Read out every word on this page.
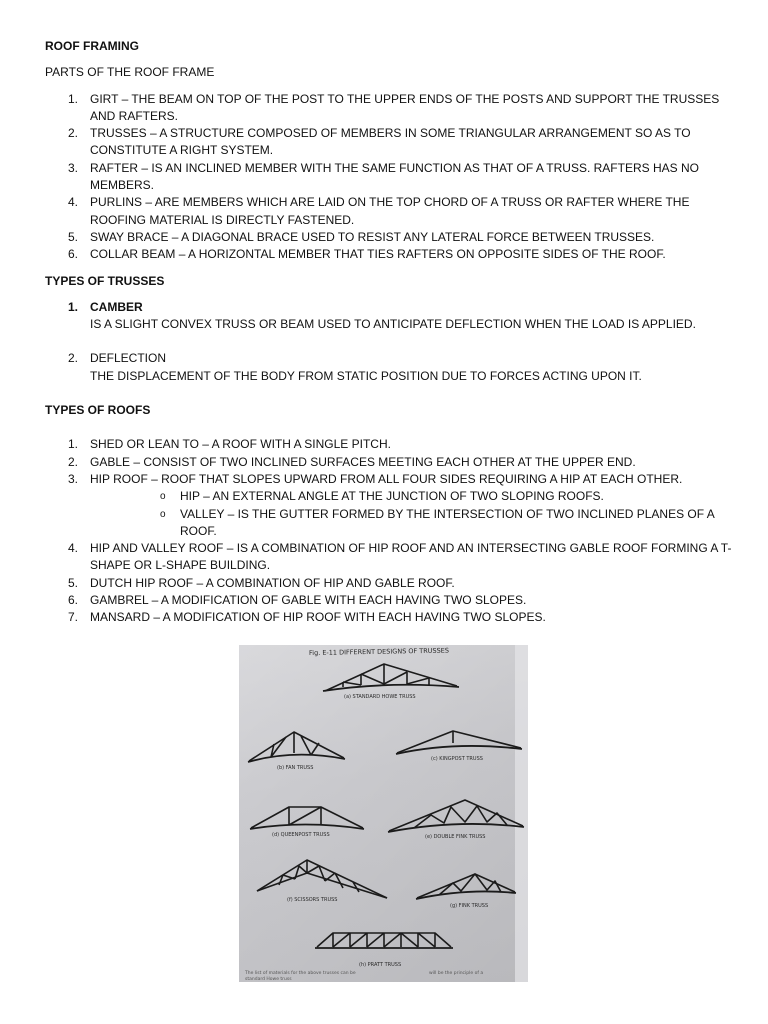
ROOF FRAMING
PARTS OF THE ROOF FRAME
1. GIRT – THE BEAM ON TOP OF THE POST TO THE UPPER ENDS OF THE POSTS AND SUPPORT THE TRUSSES AND RAFTERS.
2. TRUSSES – A STRUCTURE COMPOSED OF MEMBERS IN SOME TRIANGULAR ARRANGEMENT SO AS TO CONSTITUTE A RIGHT SYSTEM.
3. RAFTER – IS AN INCLINED MEMBER WITH THE SAME FUNCTION AS THAT OF A TRUSS. RAFTERS HAS NO MEMBERS.
4. PURLINS – ARE MEMBERS WHICH ARE LAID ON THE TOP CHORD OF A TRUSS OR RAFTER WHERE THE ROOFING MATERIAL IS DIRECTLY FASTENED.
5. SWAY BRACE – A DIAGONAL BRACE USED TO RESIST ANY LATERAL FORCE BETWEEN TRUSSES.
6. COLLAR BEAM – A HORIZONTAL MEMBER THAT TIES RAFTERS ON OPPOSITE SIDES OF THE ROOF.
TYPES OF TRUSSES
1. CAMBER
IS A SLIGHT CONVEX TRUSS OR BEAM USED TO ANTICIPATE DEFLECTION WHEN THE LOAD IS APPLIED.
2. DEFLECTION
THE DISPLACEMENT OF THE BODY FROM STATIC POSITION DUE TO FORCES ACTING UPON IT.
TYPES OF ROOFS
1. SHED OR LEAN TO – A ROOF WITH A SINGLE PITCH.
2. GABLE – CONSIST OF TWO INCLINED SURFACES MEETING EACH OTHER AT THE UPPER END.
3. HIP ROOF – ROOF THAT SLOPES UPWARD FROM ALL FOUR SIDES REQUIRING A HIP AT EACH OTHER.
o HIP – AN EXTERNAL ANGLE AT THE JUNCTION OF TWO SLOPING ROOFS.
o VALLEY – IS THE GUTTER FORMED BY THE INTERSECTION OF TWO INCLINED PLANES OF A ROOF.
4. HIP AND VALLEY ROOF – IS A COMBINATION OF HIP ROOF AND AN INTERSECTING GABLE ROOF FORMING A T-SHAPE OR L-SHAPE BUILDING.
5. DUTCH HIP ROOF – A COMBINATION OF HIP AND GABLE ROOF.
6. GAMBREL – A MODIFICATION OF GABLE WITH EACH HAVING TWO SLOPES.
7. MANSARD – A MODIFICATION OF HIP ROOF WITH EACH HAVING TWO SLOPES.
Fig. E-11 DIFFERENT DESIGNS OF TRUSSES
(a) STANDARD HOWE TRUSS
(b) FAN TRUSS
(c) KINGPOST TRUSS
(d) QUEENPOST TRUSS	(e) DOUBLE FINK TRUSS
(f) SCISSORS TRUSS
(g) FINK TRUSS
(h) PRATT TRUSS
The list of materials for the above trusses can be
standard Howe truss
will be the principle of a
